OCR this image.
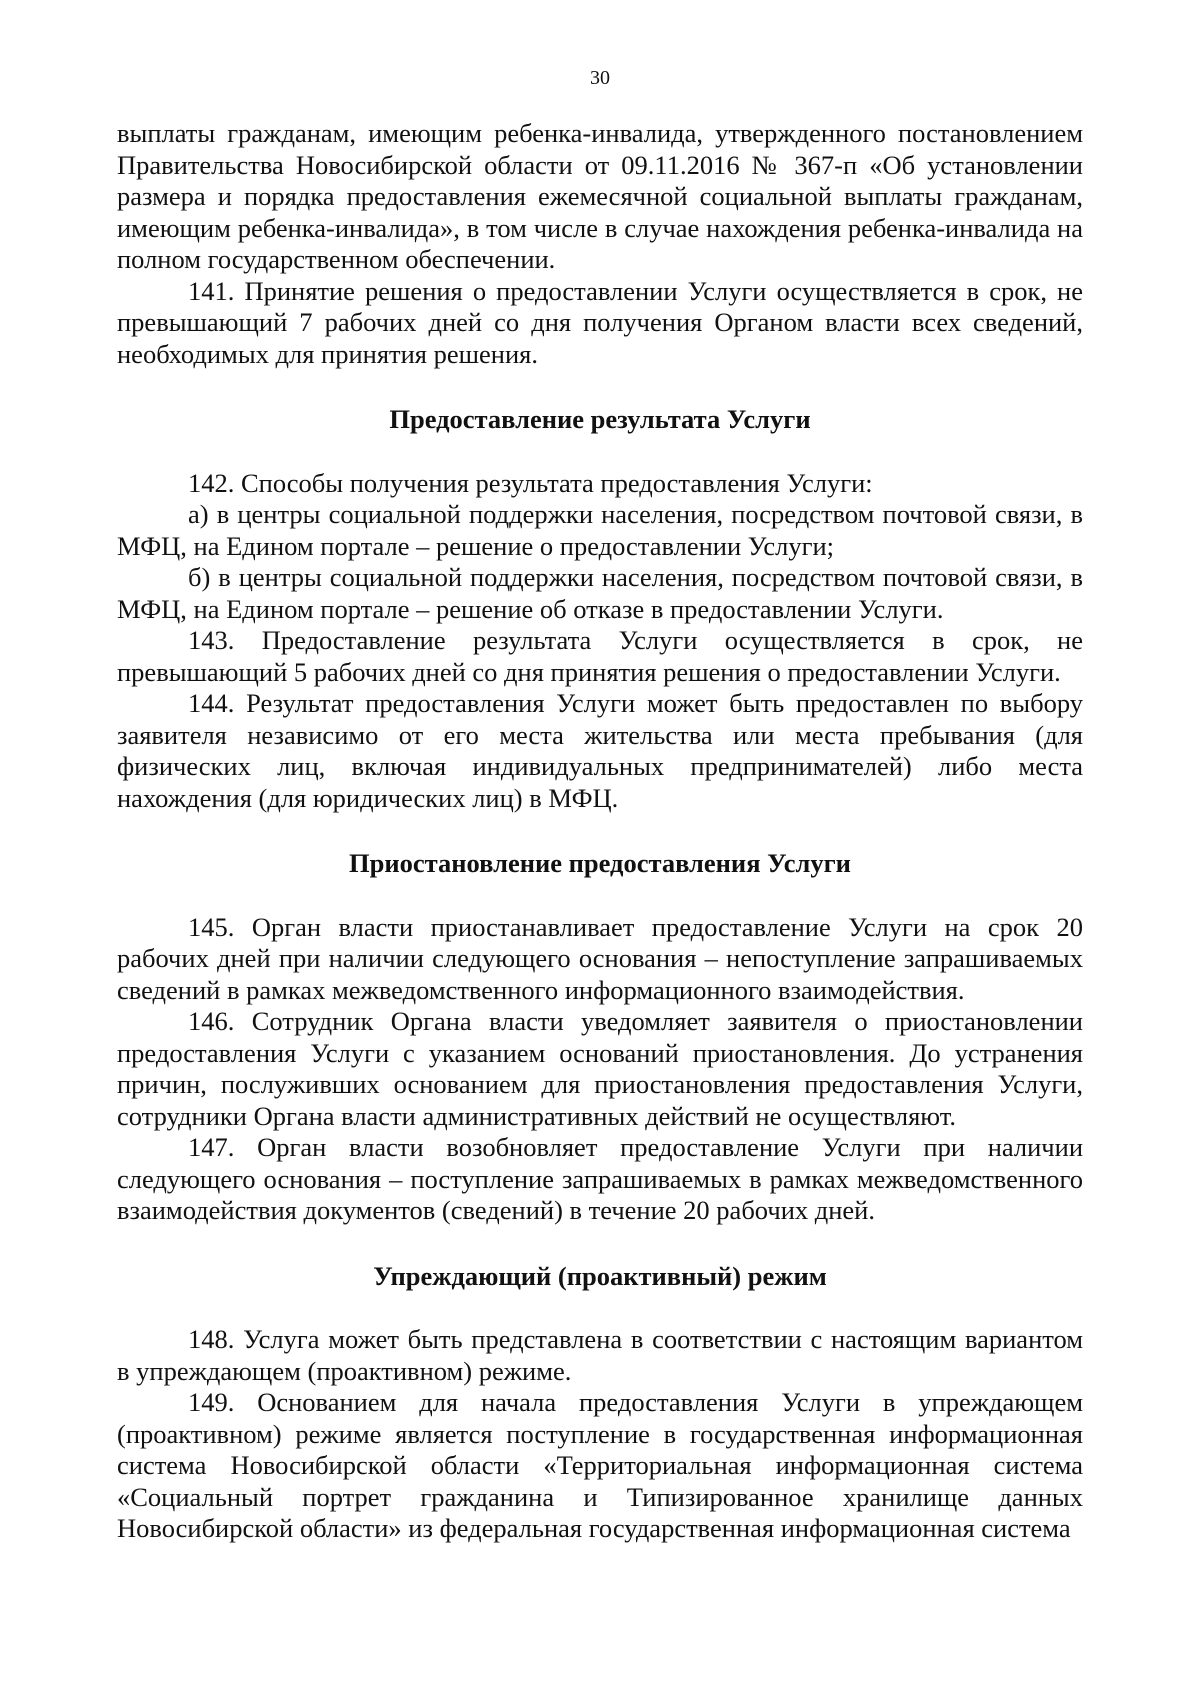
30

выплаты гражданам, имеющим ребенка-инвалида, утвержденного постановлением Правительства Новосибирской области от 09.11.2016 № 367-п «Об установлении размера и порядка предоставления ежемесячной социальной выплаты гражданам, имеющим ребенка-инвалида», в том числе в случае нахождения ребенка-инвалида на полном государственном обеспечении.

141. Принятие решения о предоставлении Услуги осуществляется в срок, не превышающий 7 рабочих дней со дня получения Органом власти всех сведений, необходимых для принятия решения.

Предоставление результата Услуги

142. Способы получения результата предоставления Услуги:

а) в центры социальной поддержки населения, посредством почтовой связи, в МФЦ, на Едином портале – решение о предоставлении Услуги;

б) в центры социальной поддержки населения, посредством почтовой связи, в МФЦ, на Едином портале – решение об отказе в предоставлении Услуги.

143. Предоставление результата Услуги осуществляется в срок, не превышающий 5 рабочих дней со дня принятия решения о предоставлении Услуги.

144. Результат предоставления Услуги может быть предоставлен по выбору заявителя независимо от его места жительства или места пребывания (для физических лиц, включая индивидуальных предпринимателей) либо места нахождения (для юридических лиц) в МФЦ.

Приостановление предоставления Услуги

145. Орган власти приостанавливает предоставление Услуги на срок 20 рабочих дней при наличии следующего основания – непоступление запрашиваемых сведений в рамках межведомственного информационного взаимодействия.

146. Сотрудник Органа власти уведомляет заявителя о приостановлении предоставления Услуги с указанием оснований приостановления. До устранения причин, послуживших основанием для приостановления предоставления Услуги, сотрудники Органа власти административных действий не осуществляют.

147. Орган власти возобновляет предоставление Услуги при наличии следующего основания – поступление запрашиваемых в рамках межведомственного взаимодействия документов (сведений) в течение 20 рабочих дней.

Упреждающий (проактивный) режим

148. Услуга может быть представлена в соответствии с настоящим вариантом в упреждающем (проактивном) режиме.

149. Основанием для начала предоставления Услуги в упреждающем (проактивном) режиме является поступление в государственная информационная система Новосибирской области «Территориальная информационная система «Социальный портрет гражданина и Типизированное хранилище данных Новосибирской области» из федеральная государственная информационная система
